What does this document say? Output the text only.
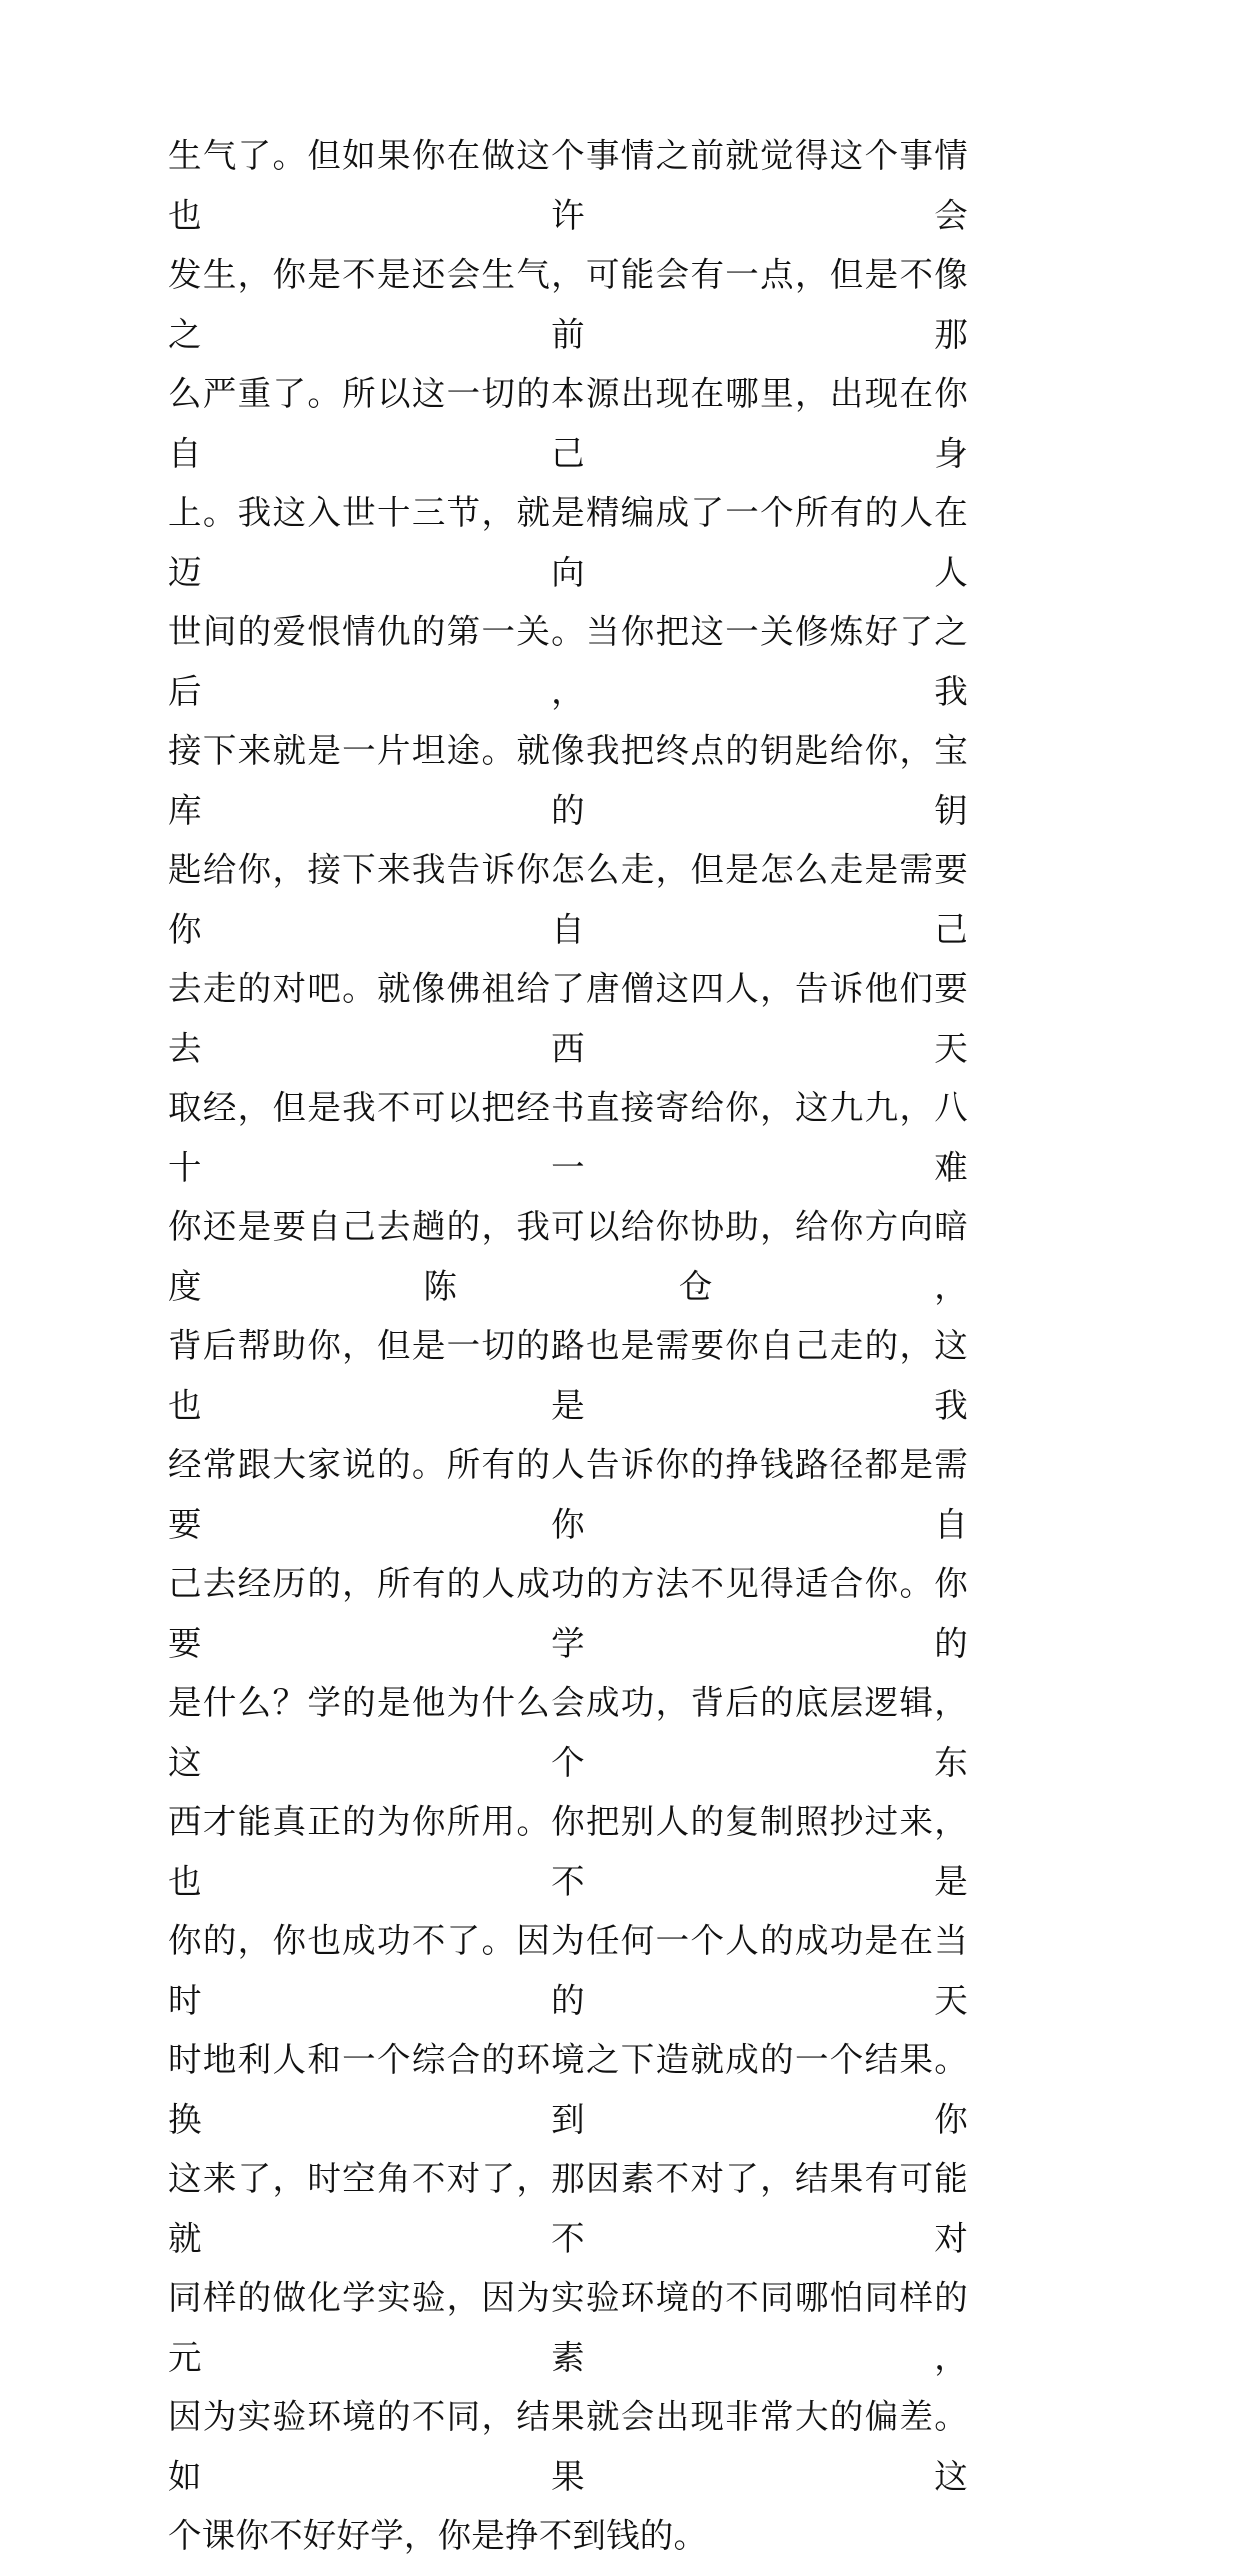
生气了。但如果你在做这个事情之前就觉得这个事情也许会
发生，你是不是还会生气，可能会有一点，但是不像之前那
么严重了。所以这一切的本源出现在哪里，出现在你自己身
上。我这入世十三节，就是精编成了一个所有的人在迈向人
世间的爱恨情仇的第一关。当你把这一关修炼好了之后，我
接下来就是一片坦途。就像我把终点的钥匙给你，宝库的钥
匙给你，接下来我告诉你怎么走，但是怎么走是需要你自己
去走的对吧。就像佛祖给了唐僧这四人，告诉他们要去西天
取经，但是我不可以把经书直接寄给你，这九九，八十一难
你还是要自己去趟的，我可以给你协助，给你方向暗度陈仓，
背后帮助你，但是一切的路也是需要你自己走的，这也是我
经常跟大家说的。所有的人告诉你的挣钱路径都是需要你自
己去经历的，所有的人成功的方法不见得适合你。你要学的
是什么？学的是他为什么会成功，背后的底层逻辑，这个东
西才能真正的为你所用。你把别人的复制照抄过来，也不是
你的，你也成功不了。因为任何一个人的成功是在当时的天
时地利人和一个综合的环境之下造就成的一个结果。换到你
这来了，时空角不对了，那因素不对了，结果有可能就不对
同样的做化学实验，因为实验环境的不同哪怕同样的元素，
因为实验环境的不同，结果就会出现非常大的偏差。如果这
个课你不好好学，你是挣不到钱的。
